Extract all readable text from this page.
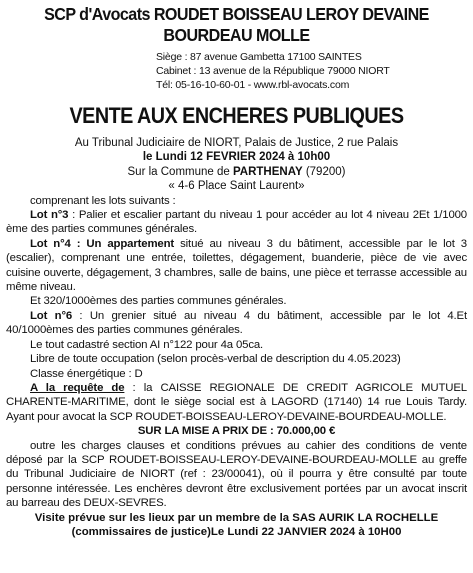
SCP d'Avocats ROUDET BOISSEAU LEROY DEVAINE
BOURDEAU MOLLE
Siège : 87 avenue Gambetta 17100 SAINTES
Cabinet : 13 avenue de la République 79000 NIORT
Tél: 05-16-10-60-01 - www.rbl-avocats.com
VENTE AUX ENCHERES PUBLIQUES
Au Tribunal Judiciaire de NIORT, Palais de Justice, 2 rue Palais
le Lundi 12 FEVRIER 2024 à 10h00
Sur la Commune de PARTHENAY (79200)
« 4-6 Place Saint Laurent»

comprenant les lots suivants :

Lot n°3 : Palier et escalier partant du niveau 1 pour accéder au lot 4 niveau 2Et 1/1000 ème des parties communes générales.

Lot n°4 : Un appartement situé au niveau 3 du bâtiment, accessible par le lot 3 (escalier), comprenant une entrée, toilettes, dégagement, buanderie, pièce de vie avec cuisine ouverte, dégagement, 3 chambres, salle de bains, une pièce et terrasse accessible au même niveau.

Et 320/1000èmes des parties communes générales.

Lot n°6 : Un grenier situé au niveau 4 du bâtiment, accessible par le lot 4.Et 40/1000èmes des parties communes générales.

Le tout cadastré section AI n°122 pour 4a 05ca.

Libre de toute occupation (selon procès-verbal de description du 4.05.2023)

Classe énergétique : D

A la requête de : la CAISSE REGIONALE DE CREDIT AGRICOLE MUTUEL CHARENTE-MARITIME, dont le siège social est à LAGORD (17140) 14 rue Louis Tardy. Ayant pour avocat la SCP ROUDET-BOISSEAU-LEROY-DEVAINE-BOURDEAU-MOLLE.

SUR LA MISE A PRIX DE : 70.000,00 €

outre les charges clauses et conditions prévues au cahier des conditions de vente déposé par la SCP ROUDET-BOISSEAU-LEROY-DEVAINE-BOURDEAU-MOLLE au greffe du Tribunal Judiciaire de NIORT (ref : 23/00041), où il pourra y être consulté par toute personne intéressée. Les enchères devront être exclusivement portées par un avocat inscrit au barreau des DEUX-SEVRES.

Visite prévue sur les lieux par un membre de la SAS AURIK LA ROCHELLE
(commissaires de justice)Le Lundi 22 JANVIER 2024 à 10H00
